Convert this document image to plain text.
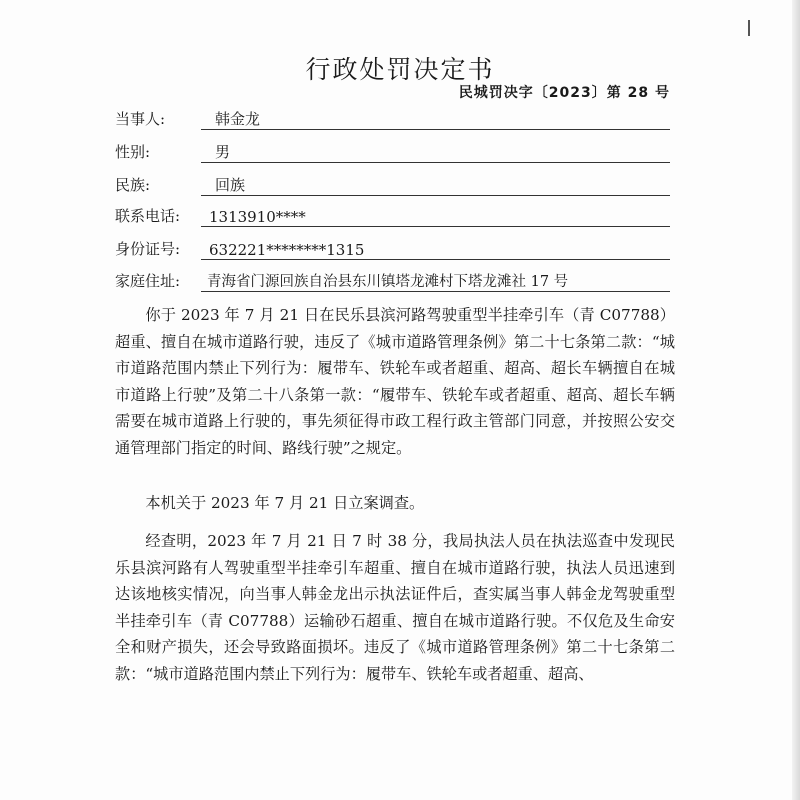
行政处罚决定书
民城罚决字〔2023〕第 28 号
当事人:	韩金龙
性别:	男
民族:	回族
联系电话: 1313910****
身份证号: 632221********1315
家庭住址: 青海省门源回族自治县东川镇塔龙滩村下塔龙滩社 17 号
你于 2023 年 7 月 21 日在民乐县滨河路驾驶重型半挂牵引车（青 C07788）超重、擅自在城市道路行驶，违反了《城市道路管理条例》第二十七条第二款：“城市道路范围内禁止下列行为：履带车、铁轮车或者超重、超高、超长车辆擅自在城市道路上行驶”及第二十八条第一款：“履带车、铁轮车或者超重、超高、超长车辆需要在城市道路上行驶的，事先须征得市政工程行政主管部门同意，并按照公安交通管理部门指定的时间、路线行驶”之规定。
本机关于 2023 年 7 月 21 日立案调查。
经查明，2023 年 7 月 21 日 7 时 38 分，我局执法人员在执法巡查中发现民乐县滨河路有人驾驶重型半挂牵引车超重、擅自在城市道路行驶，执法人员迅速到达该地核实情况，向当事人韩金龙出示执法证件后，查实属当事人韩金龙驾驶重型半挂牵引车（青 C07788）运输砂石超重、擅自在城市道路行驶。不仅危及生命安全和财产损失，还会导致路面损坏。违反了《城市道路管理条例》第二十七条第二款：“城市道路范围内禁止下列行为：履带车、铁轮车或者超重、超高、
